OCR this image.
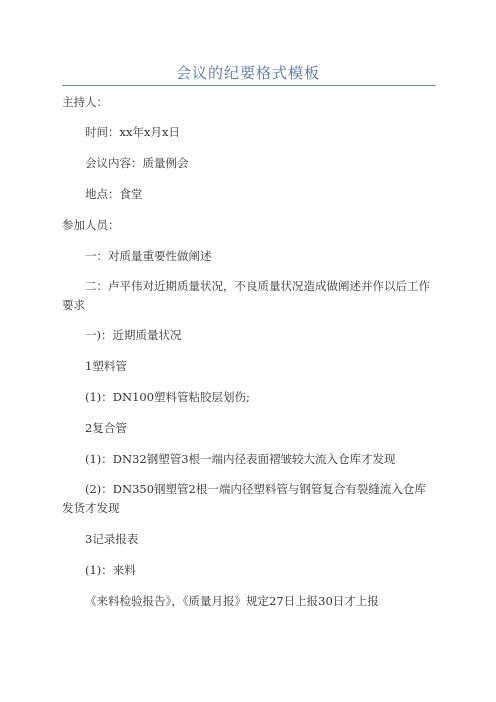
会议的纪要格式模板
主持人：
时间：xx年x月x日
会议内容：质量例会
地点：食堂
参加人员：
一：对质量重要性做阐述
二：卢平伟对近期质量状况，不良质量状况造成做阐述并作以后工作
要求
一)：近期质量状况
1塑料管
(1)：DN100塑料管粘胶层划伤;
2复合管
(1)：DN32钢塑管3根一端内径表面褶皱较大流入仓库才发现
(2)：DN350钢塑管2根一端内径塑料管与钢管复合有裂缝流入仓库
发货才发现
3记录报表
(1)：来料
《来料检验报告》，《质量月报》规定27日上报30日才上报
